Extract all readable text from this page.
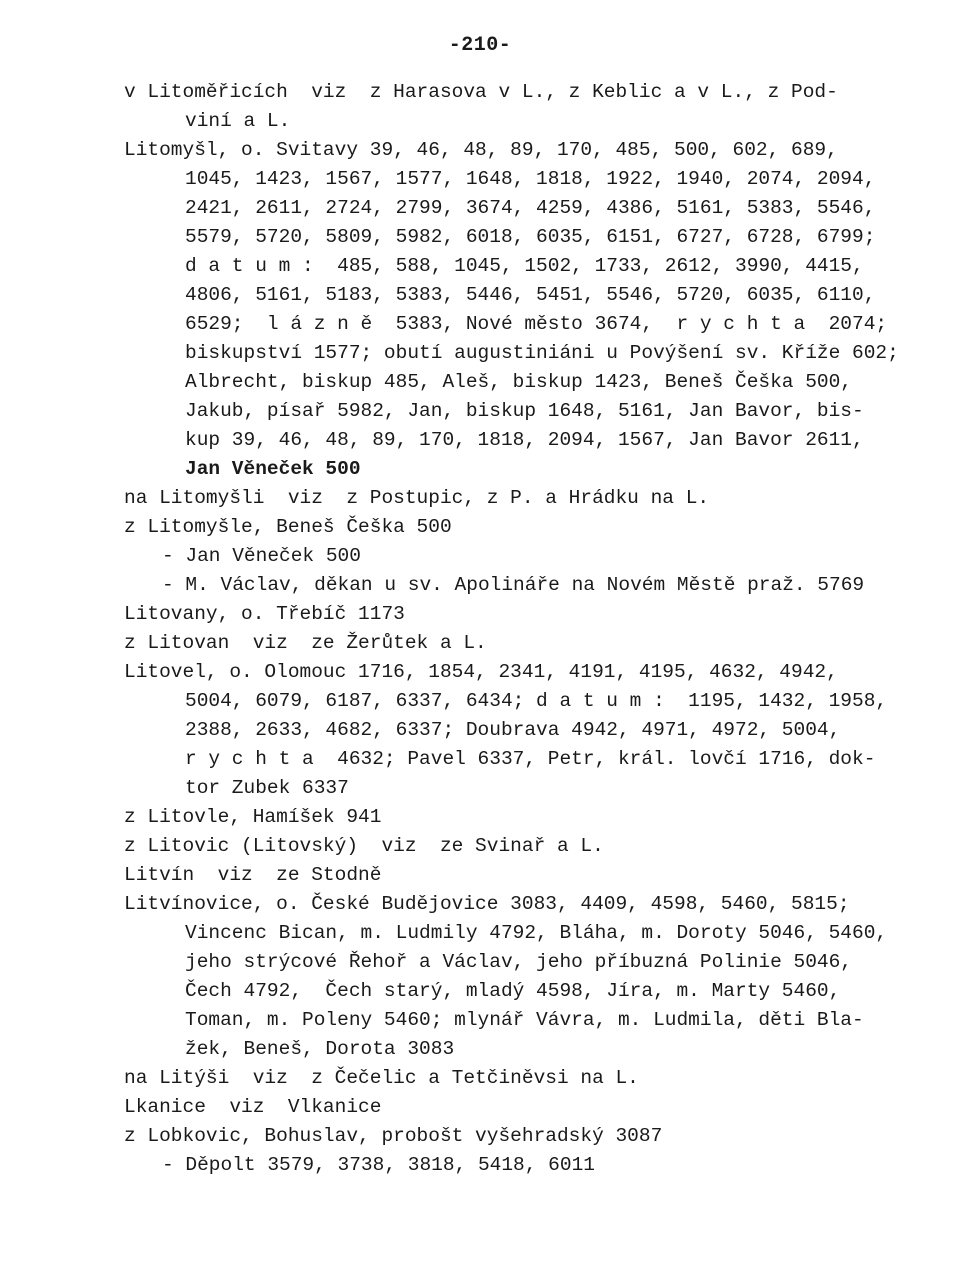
-210-
v Litoměřicích  viz  z Harasova v L., z Keblic a v L., z Pod-
viní a L.
Litomyšl, o. Svitavy 39, 46, 48, 89, 170, 485, 500, 602, 689,
1045, 1423, 1567, 1577, 1648, 1818, 1922, 1940, 2074, 2094,
2421, 2611, 2724, 2799, 3674, 4259, 4386, 5161, 5383, 5546,
5579, 5720, 5809, 5982, 6018, 6035, 6151, 6727, 6728, 6799;
d a t u m :  485, 588, 1045, 1502, 1733, 2612, 3990, 4415,
4806, 5161, 5183, 5383, 5446, 5451, 5546, 5720, 6035, 6110,
6529;  l á z n ě  5383, Nové město 3674,  r y c h t a  2074;
biskupství 1577; obutí augustiniáni u Povýšení sv. Kříže 602;
Albrecht, biskup 485, Aleš, biskup 1423, Beneš Češka 500,
Jakub, písař 5982, Jan, biskup 1648, 5161, Jan Bavor, bis-
kup 39, 46, 48, 89, 170, 1818, 2094, 1567, Jan Bavor 2611,
Jan Věneček 500
na Litomyšli  viz  z Postupic, z P. a Hrádku na L.
z Litomyšle, Beneš Češka 500
- Jan Věneček 500
- M. Václav, děkan u sv. Apolináře na Novém Městě praž. 5769
Litovany, o. Třebíč 1173
z Litovan  viz  ze Žerůtek a L.
Litovel, o. Olomouc 1716, 1854, 2341, 4191, 4195, 4632, 4942,
5004, 6079, 6187, 6337, 6434; d a t u m :  1195, 1432, 1958,
2388, 2633, 4682, 6337; Doubrava 4942, 4971, 4972, 5004,
r y c h t a  4632; Pavel 6337, Petr, král. lovčí 1716, dok-
tor Zubek 6337
z Litovle, Hamíšek 941
z Litovic (Litovský)  viz  ze Svinař a L.
Litvín  viz  ze Stodně
Litvínovice, o. České Budějovice 3083, 4409, 4598, 5460, 5815;
Vincenc Bican, m. Ludmily 4792, Bláha, m. Doroty 5046, 5460,
jeho strýcové Řehoř a Václav, jeho příbuzná Polinie 5046,
Čech 4792,  Čech starý, mladý 4598, Jíra, m. Marty 5460,
Toman, m. Poleny 5460; mlynář Vávra, m. Ludmila, děti Bla-
žek, Beneš, Dorota 3083
na Litýši  viz  z Čečelic a Tetčiněvsi na L.
Lkanice  viz  Vlkanice
z Lobkovic, Bohuslav, probošt vyšehradský 3087
- Děpolt 3579, 3738, 3818, 5418, 6011
